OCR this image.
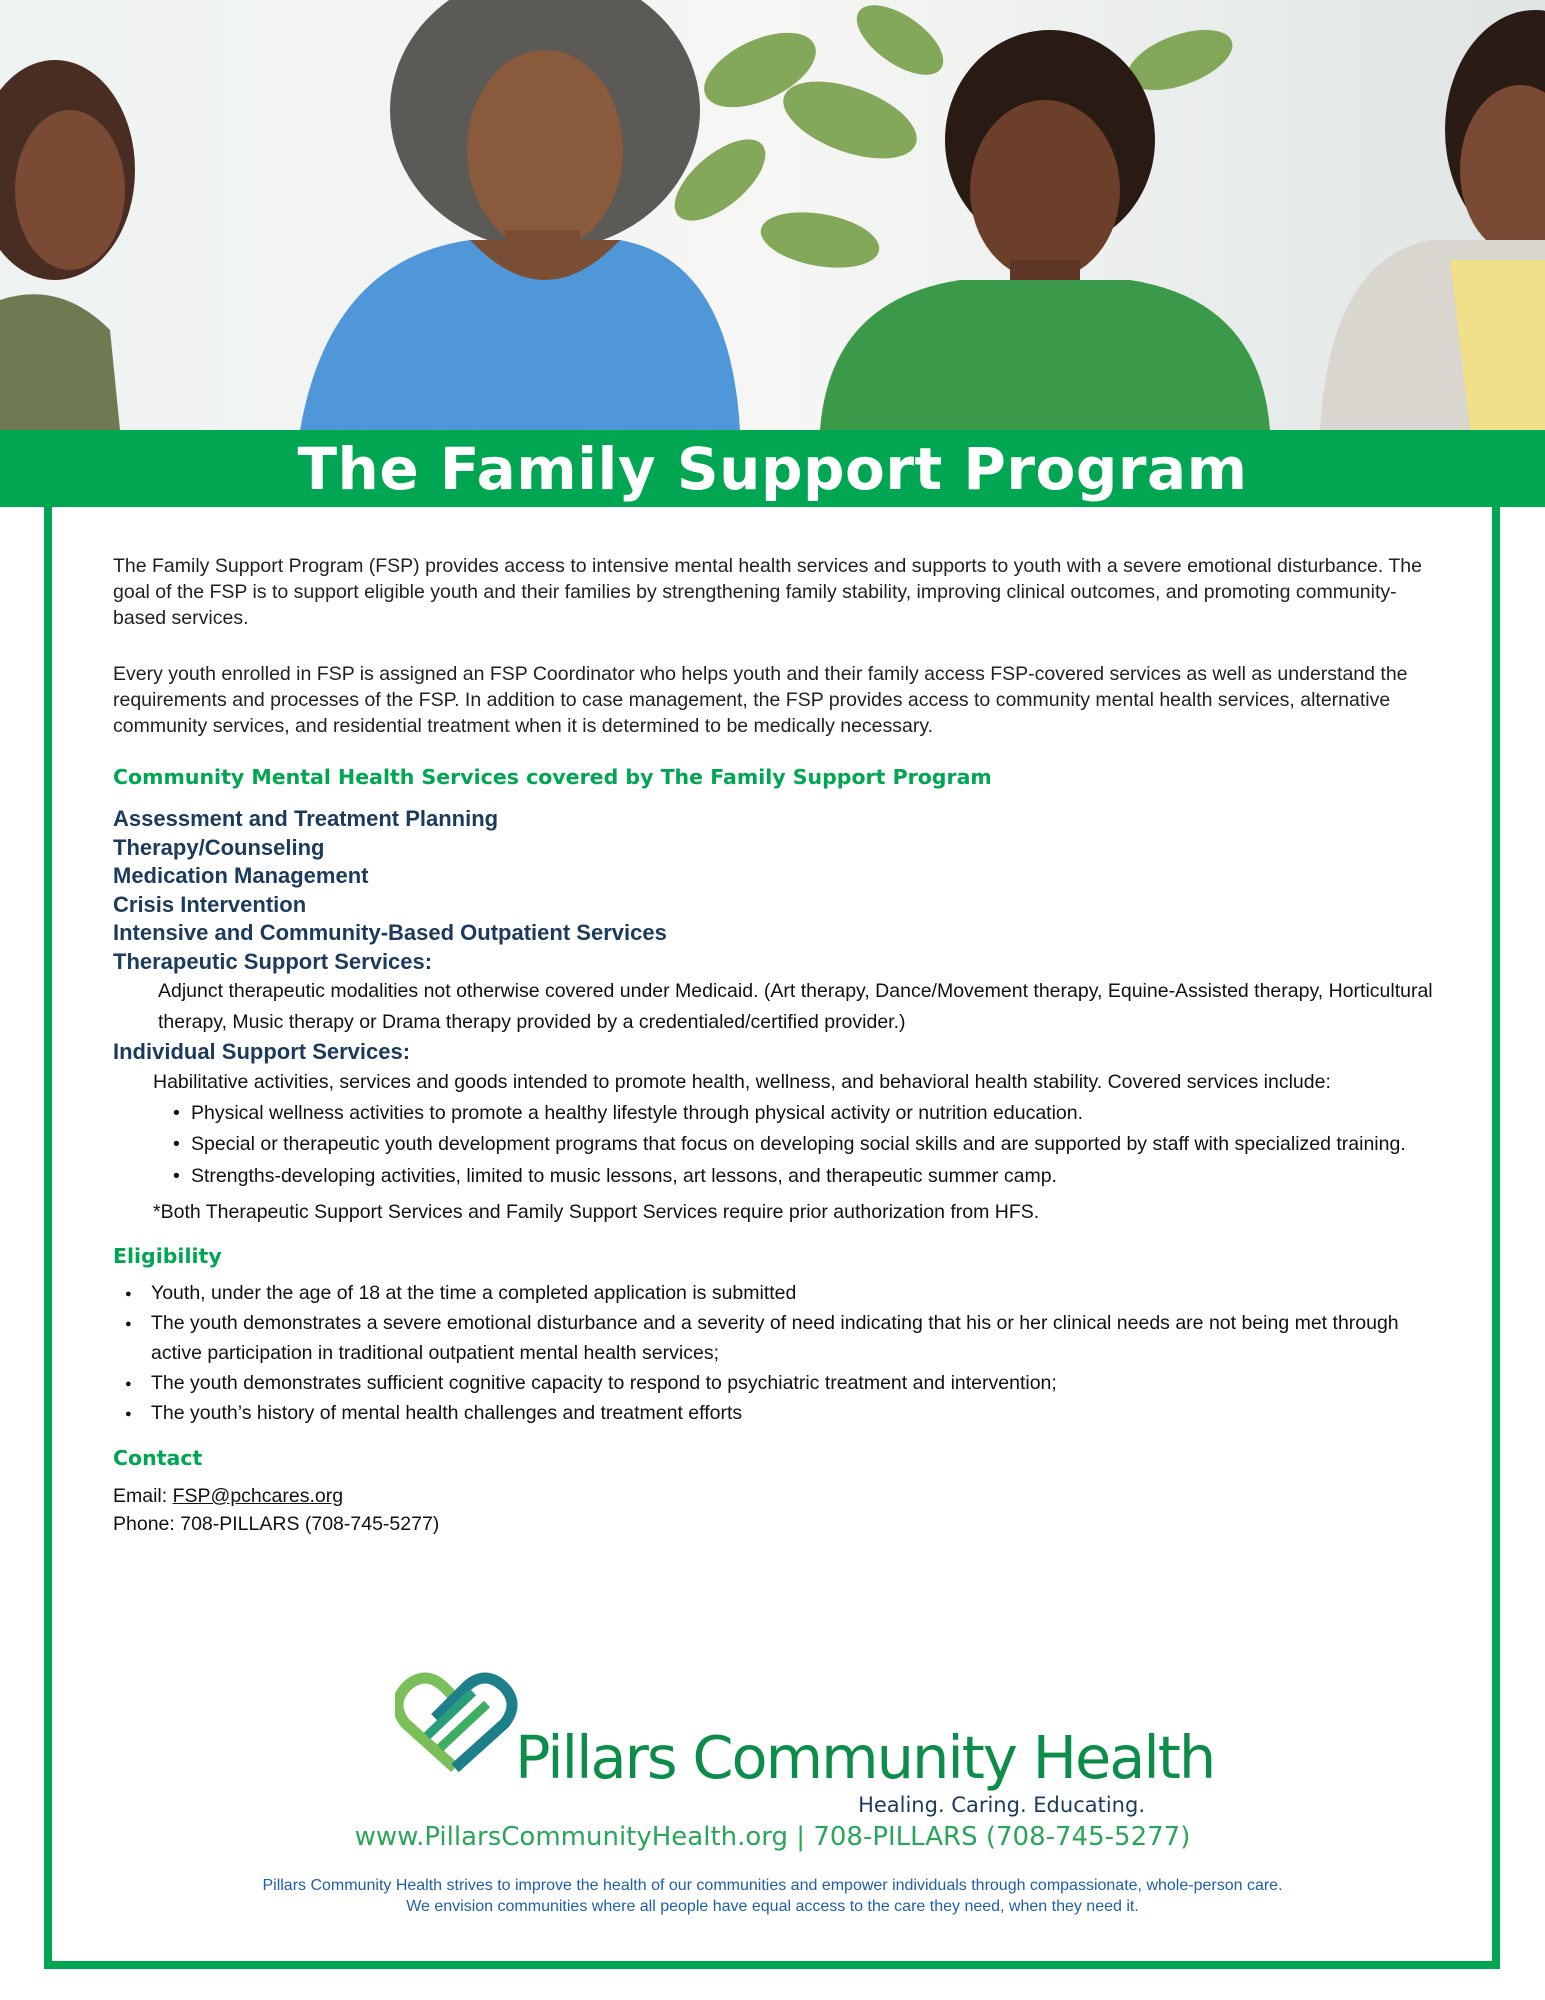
The Family Support Program

The Family Support Program (FSP) provides access to intensive mental health services and supports to youth with a severe emotional disturbance. The goal of the FSP is to support eligible youth and their families by strengthening family stability, improving clinical outcomes, and promoting community-based services.

Every youth enrolled in FSP is assigned an FSP Coordinator who helps youth and their family access FSP-covered services as well as understand the requirements and processes of the FSP. In addition to case management, the FSP provides access to community mental health services, alternative community services, and residential treatment when it is determined to be medically necessary.

Community Mental Health Services covered by The Family Support Program

Assessment and Treatment Planning

Therapy/Counseling

Medication Management

Crisis Intervention

Intensive and Community-Based Outpatient Services

Therapeutic Support Services:

Adjunct therapeutic modalities not otherwise covered under Medicaid. (Art therapy, Dance/Movement therapy, Equine-Assisted therapy, Horticultural therapy, Music therapy or Drama therapy provided by a credentialed/certified provider.)

Individual Support Services:

Habilitative activities, services and goods intended to promote health, wellness, and behavioral health stability. Covered services include:

• Physical wellness activities to promote a healthy lifestyle through physical activity or nutrition education.
• Special or therapeutic youth development programs that focus on developing social skills and are supported by staff with specialized training.
• Strengths-developing activities, limited to music lessons, art lessons, and therapeutic summer camp.
*Both Therapeutic Support Services and Family Support Services require prior authorization from HFS.
Eligibility
● Youth, under the age of 18 at the time a completed application is submitted
● The youth demonstrates a severe emotional disturbance and a severity of need indicating that his or her clinical needs are not being met through active participation in traditional outpatient mental health services;
● The youth demonstrates sufficient cognitive capacity to respond to psychiatric treatment and intervention;
● The youth’s history of mental health challenges and treatment efforts
Contact
Email: FSP@pchcares.org
Phone: 708-PILLARS (708-745-5277)
Pillars Community Health
Healing. Caring. Educating.
www.PillarsCommunityHealth.org | 708-PILLARS (708-745-5277)
Pillars Community Health strives to improve the health of our communities and empower individuals through compassionate, whole-person care.
We envision communities where all people have equal access to the care they need, when they need it.
